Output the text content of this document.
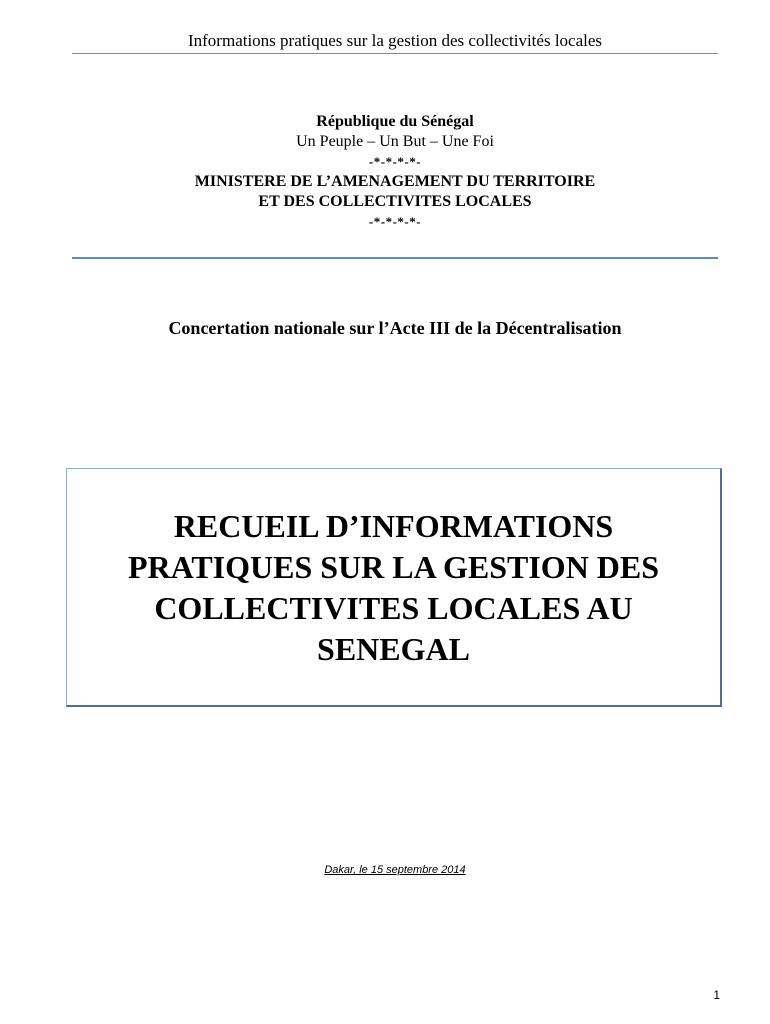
Informations pratiques sur la gestion des collectivités locales
République du Sénégal
Un Peuple – Un But – Une Foi
-*-*-*-*-
MINISTERE DE L’AMENAGEMENT DU TERRITOIRE
ET DES COLLECTIVITES LOCALES
-*-*-*-*-
Concertation nationale sur l’Acte III de la Décentralisation
RECUEIL D’INFORMATIONS
PRATIQUES SUR LA GESTION DES
COLLECTIVITES LOCALES AU
SENEGAL
Dakar, le 15 septembre 2014
1
